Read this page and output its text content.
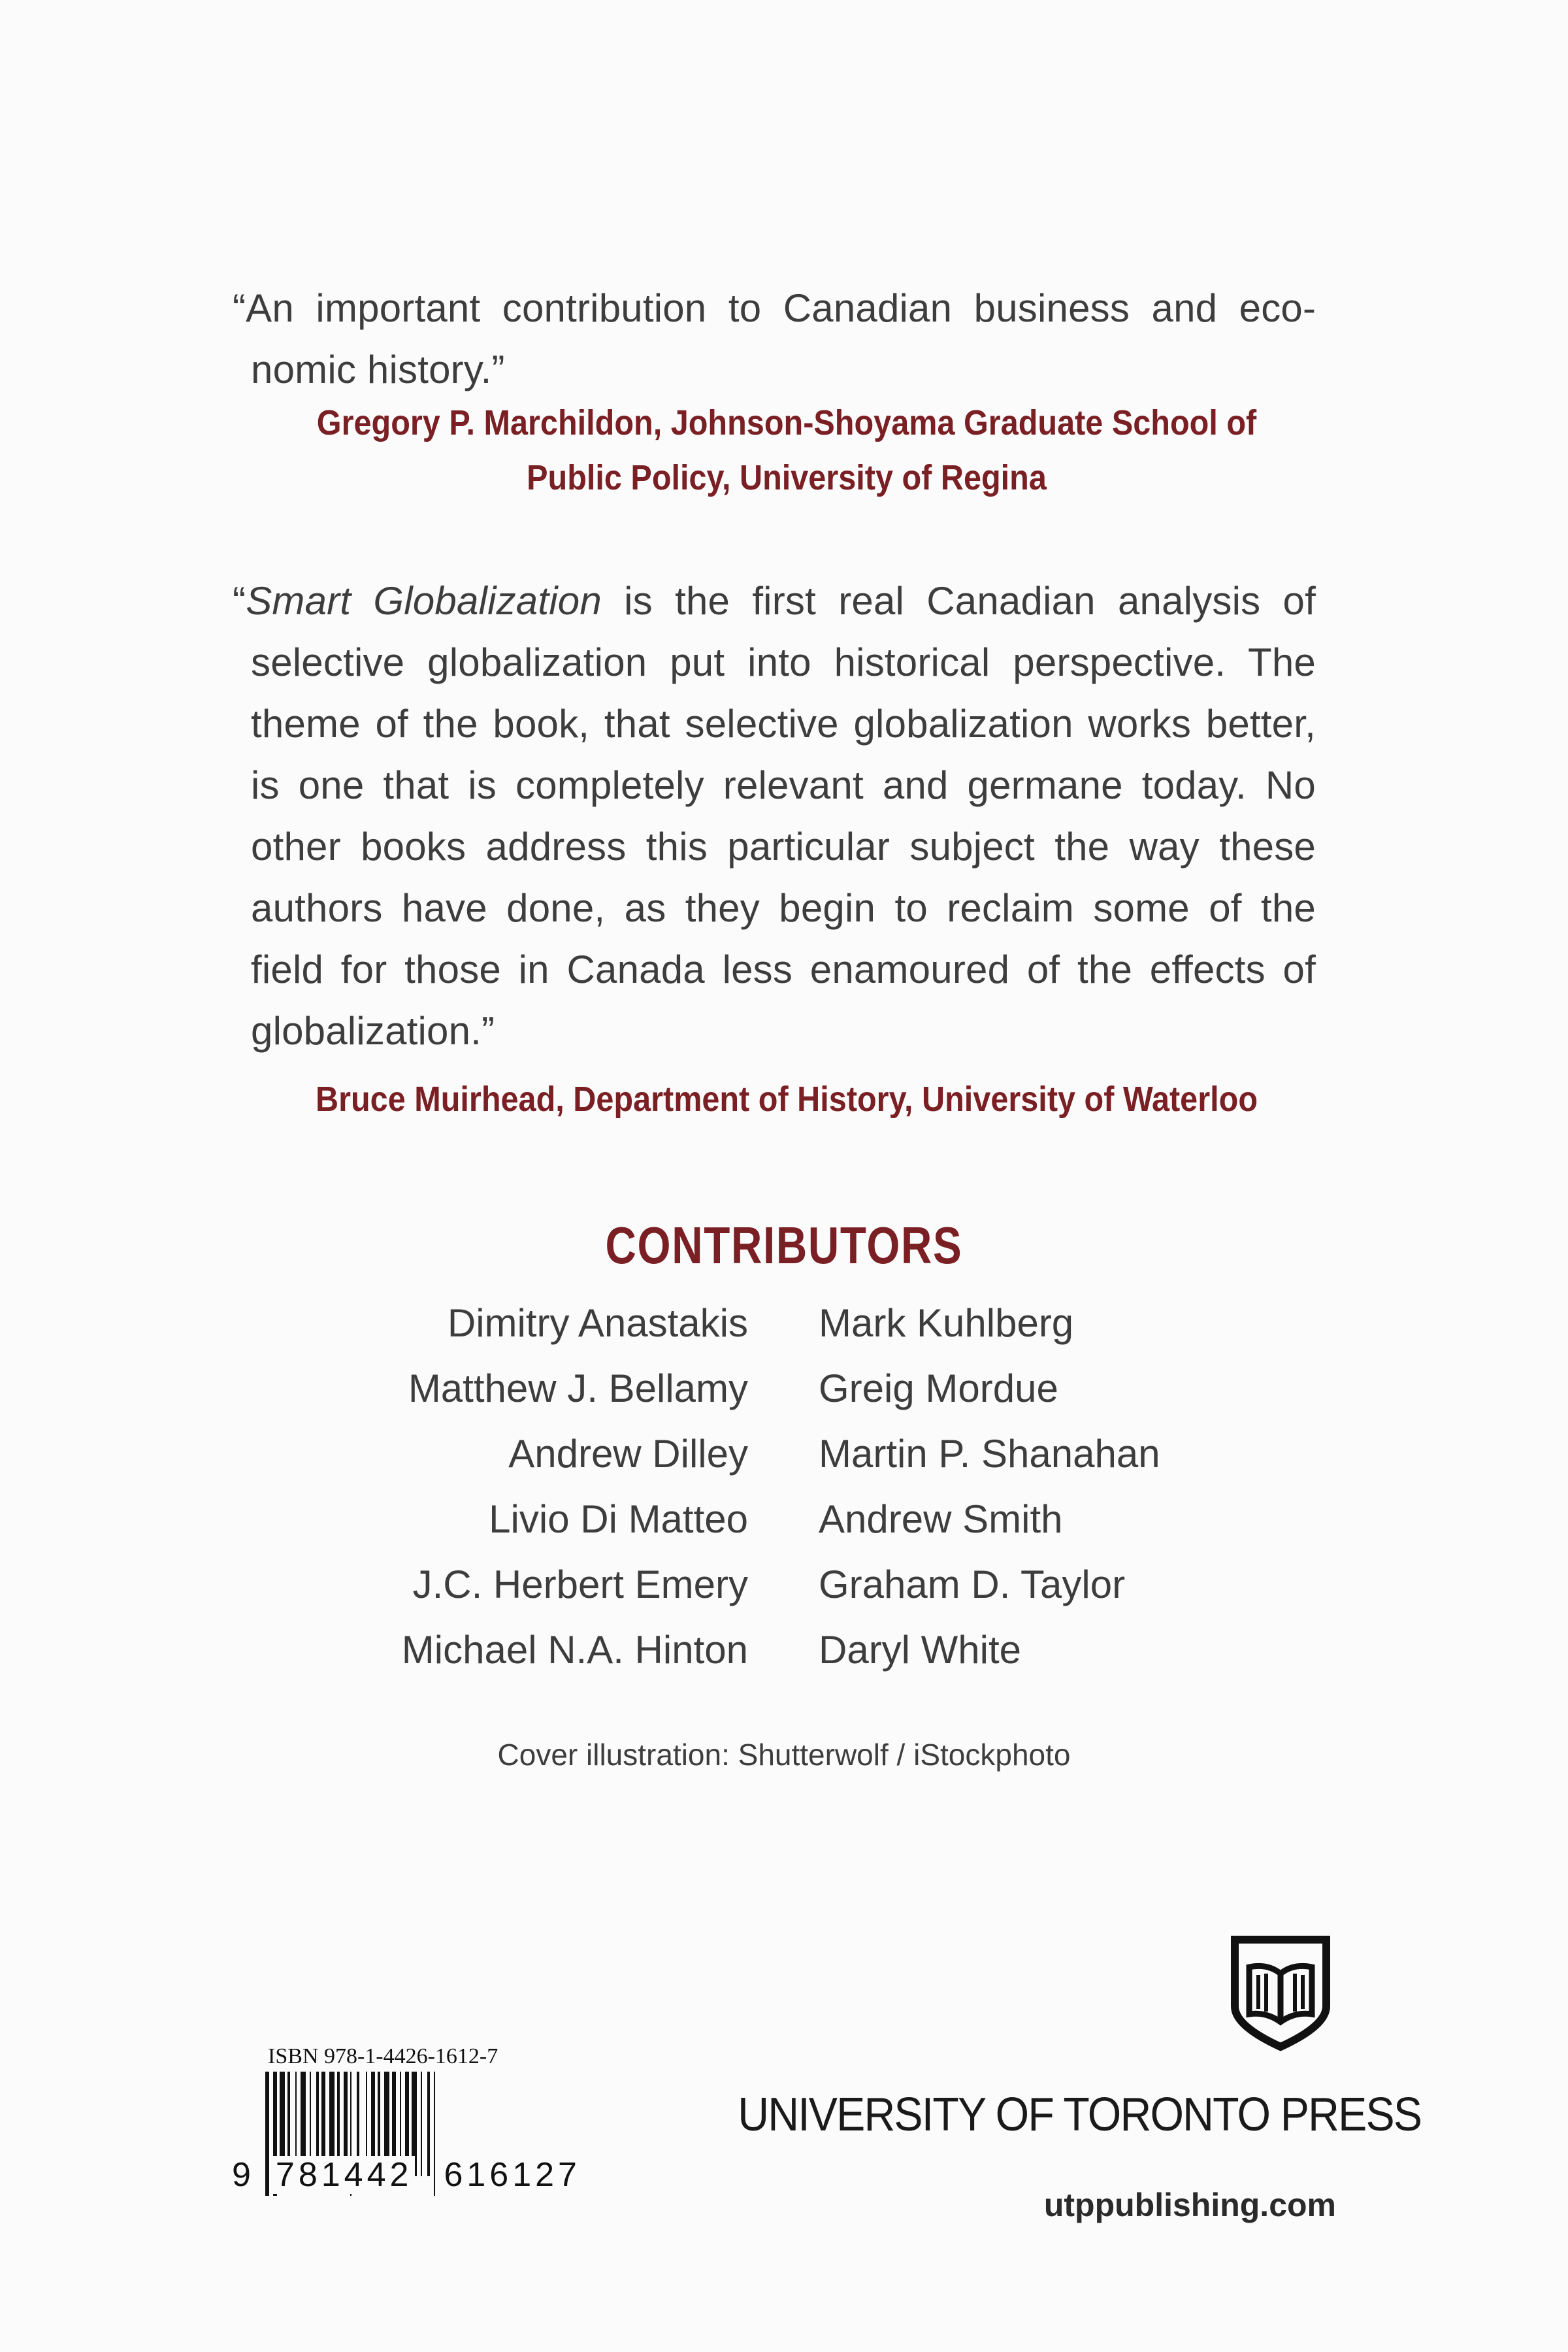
“An important contribution to Canadian business and economic history.”

Gregory P. Marchildon, Johnson-Shoyama Graduate School of
Public Policy, University of Regina

“Smart Globalization is the first real Canadian analysis of selective globalization put into historical perspective. The theme of the book, that selective globalization works better, is one that is completely relevant and germane today. No other books address this particular subject the way these authors have done, as they begin to reclaim some of the field for those in Canada less enamoured of the effects of globalization.”

Bruce Muirhead, Department of History, University of Waterloo
CONTRIBUTORS
Dimitry Anastakis
Matthew J. Bellamy
Andrew Dilley
Livio Di Matteo
J.C. Herbert Emery
Michael N.A. Hinton
Mark Kuhlberg
Greig Mordue
Martin P. Shanahan
Andrew Smith
Graham D. Taylor
Daryl White
Cover illustration: Shutterwolf / iStockphoto
ISBN 978-1-4426-1612-7
9 781442 616127
UNIVERSITY OF TORONTO PRESS
utppublishing.com
